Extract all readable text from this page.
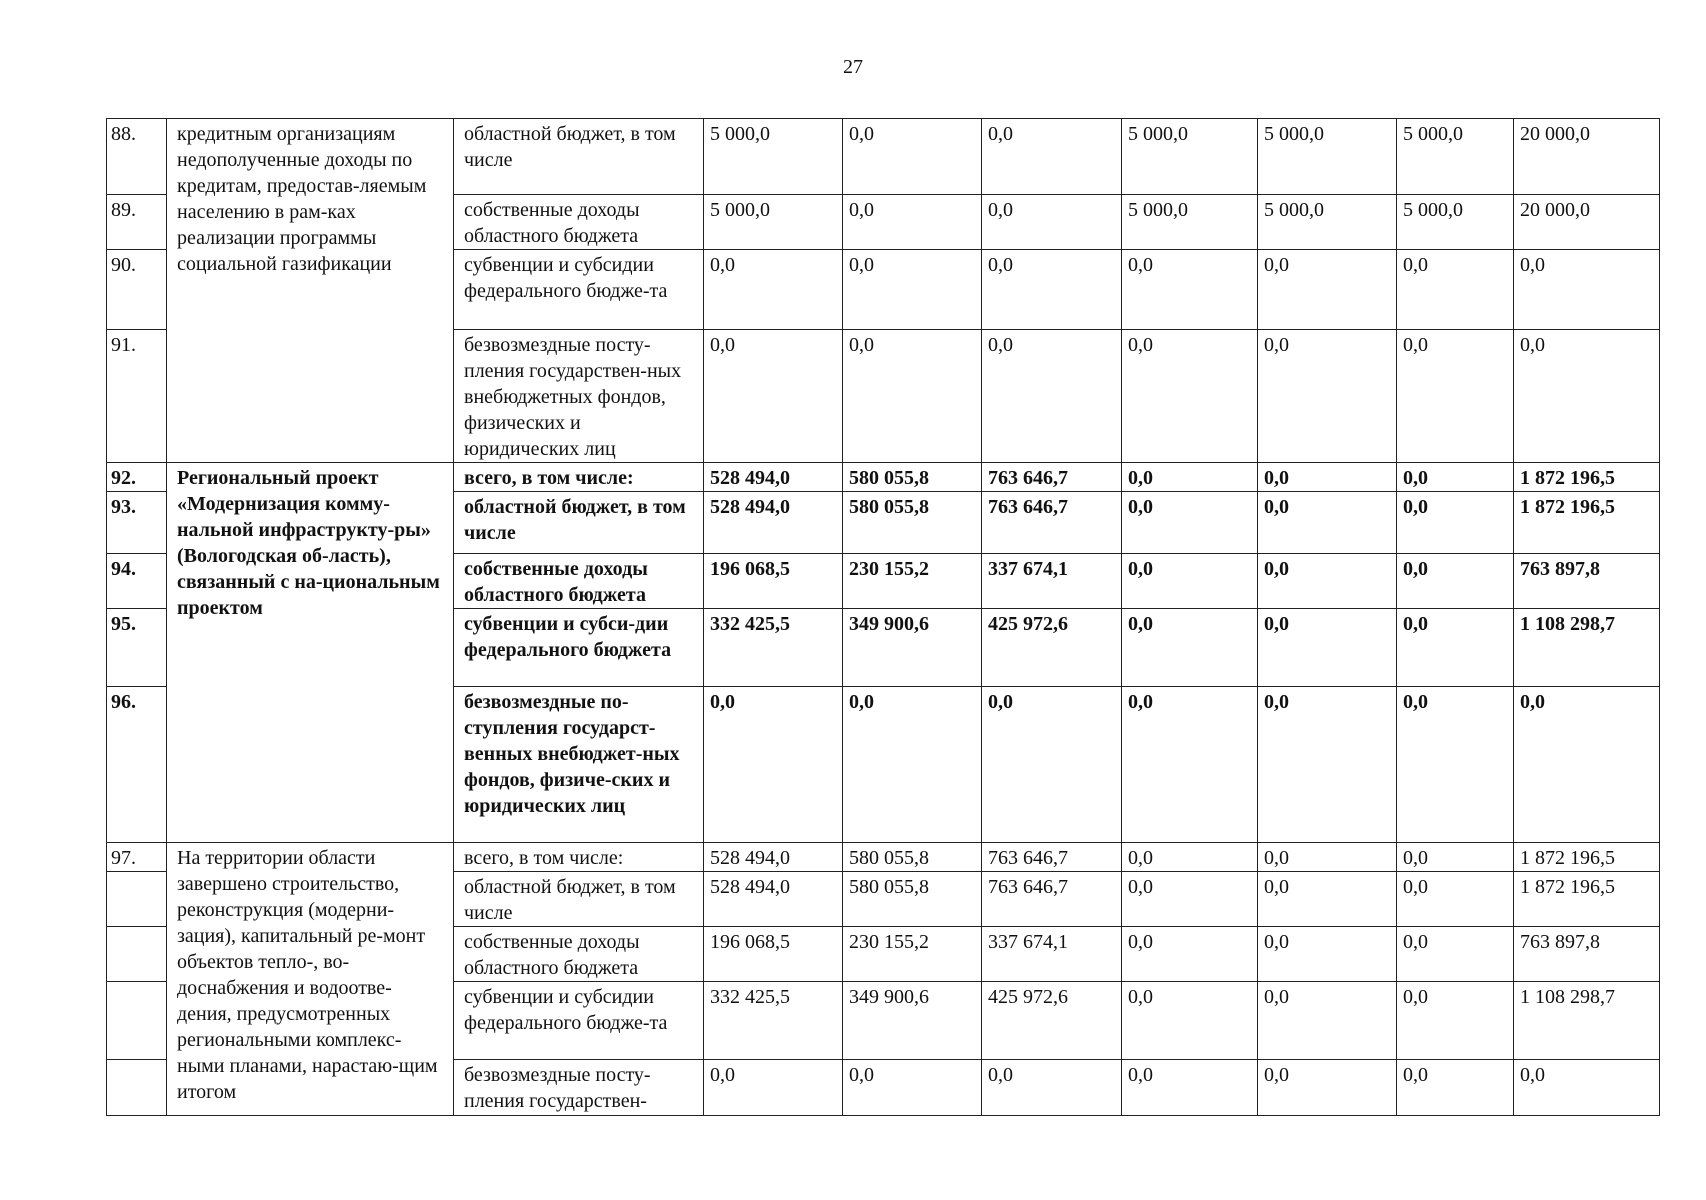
27
88.	кредитным организациям недополученные доходы по кредитам, предостав-ляемым населению в рам-ках реализации программы социальной газификации	областной бюджет, в том числе	5 000,0	0,0	0,0	5 000,0	5 000,0	5 000,0	20 000,0
89.		собственные доходы областного бюджета	5 000,0	0,0	0,0	5 000,0	5 000,0	5 000,0	20 000,0
90.		субвенции и субсидии федерального бюдже-та	0,0	0,0	0,0	0,0	0,0	0,0	0,0
91.		безвозмездные посту-пления государствен-ных внебюджетных фондов, физических и юридических лиц	0,0	0,0	0,0	0,0	0,0	0,0	0,0
92.	Региональный проект «Модернизация комму-нальной инфраструкту-ры» (Вологодская об-ласть), связанный с на-циональным проектом	всего, в том числе:	528 494,0	580 055,8	763 646,7	0,0	0,0	0,0	1 872 196,5
93.		областной бюджет, в том числе	528 494,0	580 055,8	763 646,7	0,0	0,0	0,0	1 872 196,5
94.		собственные доходы областного бюджета	196 068,5	230 155,2	337 674,1	0,0	0,0	0,0	763 897,8
95.		субвенции и субси-дии федерального бюджета	332 425,5	349 900,6	425 972,6	0,0	0,0	0,0	1 108 298,7
96.		безвозмездные по-ступления государст-венных внебюджет-ных фондов, физиче-ских и юридических лиц	0,0	0,0	0,0	0,0	0,0	0,0	0,0
97.	На территории области завершено строительство, реконструкция (модерни-зация), капитальный ре-монт объектов тепло-, во-доснабжения и водоотве-дения, предусмотренных региональными комплекс-ными планами, нарастаю-щим итогом	всего, в том числе:	528 494,0	580 055,8	763 646,7	0,0	0,0	0,0	1 872 196,5
		областной бюджет, в том числе	528 494,0	580 055,8	763 646,7	0,0	0,0	0,0	1 872 196,5
		собственные доходы областного бюджета	196 068,5	230 155,2	337 674,1	0,0	0,0	0,0	763 897,8
		субвенции и субсидии федерального бюдже-та	332 425,5	349 900,6	425 972,6	0,0	0,0	0,0	1 108 298,7
		безвозмездные посту-пления государствен-	0,0	0,0	0,0	0,0	0,0	0,0	0,0
